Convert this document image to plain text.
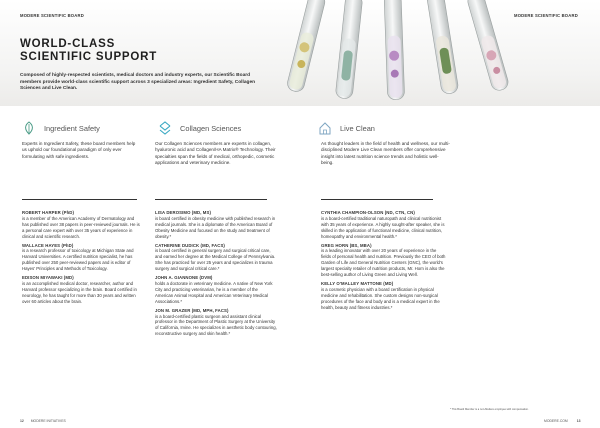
MODERE SCIENTIFIC BOARD	MODERE SCIENTIFIC BOARD
WORLD-CLASS
SCIENTIFIC SUPPORT
Composed of highly-respected scientists, medical doctors and industry experts, our Scientific Board members provide world-class scientific support across 3 specialized areas: Ingredient Safety, Collagen Sciences and Live Clean.
Ingredient Safety	Collagen Sciences	Live Clean
Experts in Ingredient Safety, these board members help us uphold our foundational paradigm of only ever formulating with safe ingredients.
Our Collagen Sciences members are experts in collagen, hyaluronic acid and Collagen/HA Matrix® Technology. Their specialties span the fields of medical, orthopedic, cosmetic applications and veterinary medicine.
As thought leaders in the field of health and wellness, our multi-disciplined Modere Live Clean members offer comprehensive insight into latest nutrition science trends and holistic well-being.
ROBERT HARPER (PhD)
is a member of the American Academy of Dermatology and has published over 38 papers in peer-reviewed journals. He is a personal care expert with over 35 years of experience in clinical and scientific research.
WALLACE HAYES (PhD)
is a research professor of toxicology at Michigan State and Harvard Universities. A certified nutrition specialist, he has published over 250 peer-reviewed papers and is editor of Hayes' Principles and Methods of Toxicology.
EDISON MIYAWAKI (MD)
is an accomplished medical doctor, researcher, author and Harvard professor specializing in the brain. Board certified in neurology, he has taught for more than 30 years and written over 60 articles about the brain.
LISA DEROSIMO (MD, MS)
is board certified in obesity medicine with published research in medical journals. She is a diplomate of the American Board of Obesity Medicine and focused on the study and treatment of obesity.*
CATHERINE DUDICK (MD, FACS)
is board certified in general surgery and surgical critical care, and earned her degree at the Medical College of Pennsylvania. She has practiced for over 25 years and specializes in trauma surgery and surgical critical care.*
JOHN A. GIANNONE (DVM)
holds a doctorate in veterinary medicine. A native of New York City and practicing veterinarian, he is a member of the American Animal Hospital and American Veterinary Medical Associations.*
JON M. GRAZER (MD, MPH, FACS)
is a board-certified plastic surgeon and assistant clinical professor in the Department of Plastic Surgery at the University of California, Irvine. He specializes in aesthetic body contouring, reconstructive surgery and skin health.*
CYNTHIA CHAMPION-OLSON (ND, CTN, CN)
is a board-certified traditional naturopath and clinical nutritionist with 35 years of experience. A highly sought-after speaker, she is skilled in the application of functional medicine, clinical nutrition, homeopathy and environmental health.*
GREG HORN (BS, MBA)
is a leading innovator with over 20 years of experience in the fields of personal health and nutrition. Previously the CEO of both Garden of Life and General Nutrition Centers (GNC), the world's largest specialty retailer of nutrition products, Mr. Horn is also the best-selling author of Living Green and Living Well.
KELLY O'MALLEY MATTONE (MD)
is a cosmetic physician with a board certification in physical medicine and rehabilitation. She custom designs non-surgical procedures of the face and body and is a medical expert in the health, beauty and fitness industries.*
* This Board Member is a non-Modere employee with compensation.
12 MODERE INITIATIVES	MODERE.COM	13
